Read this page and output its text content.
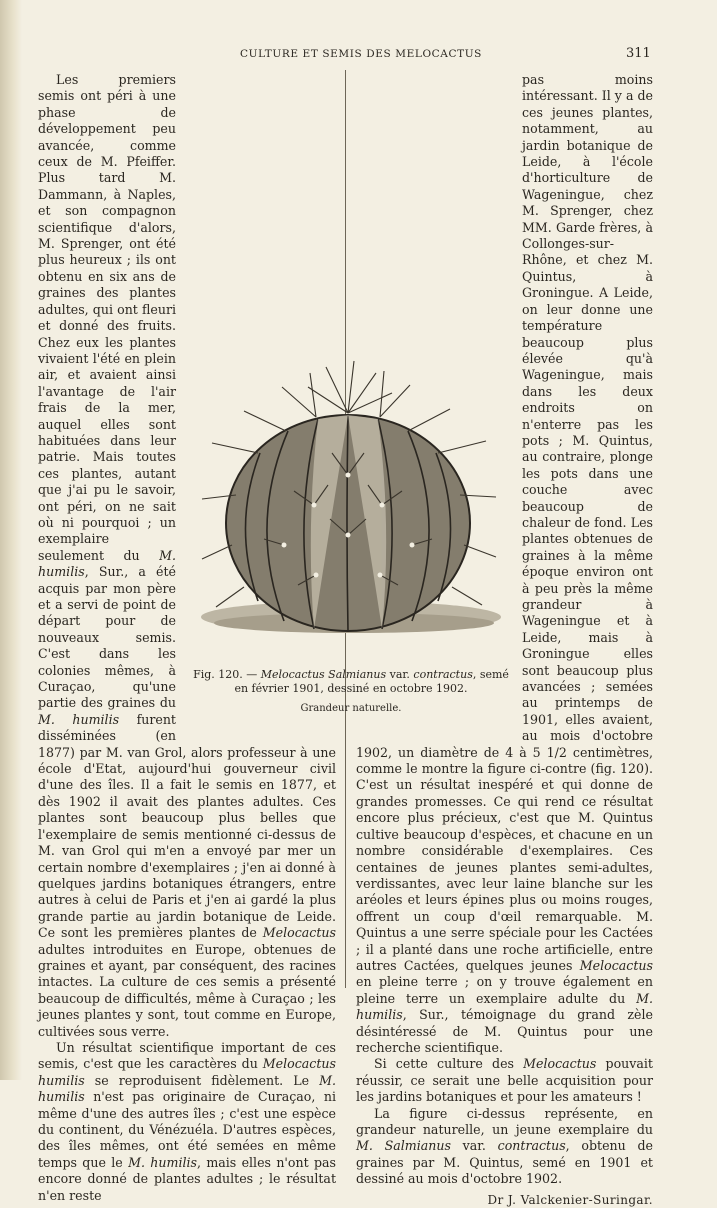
CULTURE ET SEMIS DES MELOCACTUS	311

Les premiers semis ont péri à une phase de développement peu avancée, comme ceux de M. Pfeiffer. Plus tard M. Dammann, à Naples, et son compagnon scientifique d'alors, M. Sprenger, ont été plus heureux ; ils ont obtenu en six ans de graines des plantes adultes, qui ont fleuri et donné des fruits. Chez eux les plantes vivaient l'été en plein air, et avaient ainsi l'avantage de l'air frais de la mer, auquel elles sont habituées dans leur patrie. Mais toutes ces plantes, autant que j'ai pu le savoir, ont péri, on ne sait où ni pourquoi ; un exemplaire seulement du M. humilis, Sur., a été acquis par mon père et a servi de point de départ pour de nouveaux semis. C'est dans les colonies mêmes, à Curaçao, qu'une partie des graines du M. humilis furent disséminées (en 1877) par M. van Grol, alors professeur à une école d'Etat, aujourd'hui gouverneur civil d'une des îles. Il a fait le semis en 1877, et dès 1902 il avait des plantes adultes. Ces plantes sont beaucoup plus belles que l'exemplaire de semis mentionné ci-dessus de M. van Grol qui m'en a envoyé par mer un certain nombre d'exemplaires ; j'en ai donné à quelques jardins botaniques étrangers, entre autres à celui de Paris et j'en ai gardé la plus grande partie au jardin botanique de Leide. Ce sont les premières plantes de Melocactus adultes introduites en Europe, obtenues de graines et ayant, par conséquent, des racines intactes. La culture de ces semis a présenté beaucoup de difficultés, même à Curaçao ; les jeunes plantes y sont, tout comme en Europe, cultivées sous verre.

Un résultat scientifique important de ces semis, c'est que les caractères du Melocactus humilis se reproduisent fidèlement. Le M. humilis n'est pas originaire de Curaçao, ni même d'une des autres îles ; c'est une espèce du continent, du Vénézuéla. D'autres espèces, des îles mêmes, ont été semées en même temps que le M. humilis, mais elles n'ont pas encore donné de plantes adultes ; le résultat n'en reste

pas moins intéressant. Il y a de ces jeunes plantes, notamment, au jardin botanique de Leide, à l'école d'horticulture de Wageningue, chez M. Sprenger, chez MM. Garde frères, à Collonges-sur-Rhône, et chez M. Quintus, à Groningue. A Leide, on leur donne une température beaucoup plus élevée qu'à Wageningue, mais dans les deux endroits on n'enterre pas les pots ; M. Quintus, au contraire, plonge les pots dans une couche avec beaucoup de chaleur de fond. Les plantes obtenues de graines à la même époque environ ont à peu près la même grandeur à Wageningue et à Leide, mais à Groningue elles sont beaucoup plus avancées ; semées au printemps de 1901, elles avaient, au mois d'octobre 1902, un diamètre de 4 à 5 1/2 centimètres, comme le montre la figure ci-contre (fig. 120). C'est un résultat inespéré et qui donne de grandes promesses. Ce qui rend ce résultat encore plus précieux, c'est que M. Quintus cultive beaucoup d'espèces, et chacune en un nombre considérable d'exemplaires. Ces centaines de jeunes plantes semi-adultes, verdissantes, avec leur laine blanche sur les aréoles et leurs épines plus ou moins rouges, offrent un coup d'œil remarquable. M. Quintus a une serre spéciale pour les Cactées ; il a planté dans une roche artificielle, entre autres Cactées, quelques jeunes Melocactus en pleine terre ; on y trouve également en pleine terre un exemplaire adulte du M. humilis, Sur., témoignage du grand zèle désintéressé de M. Quintus pour une recherche scientifique.

Si cette culture des Melocactus pouvait réussir, ce serait une belle acquisition pour les jardins botaniques et pour les amateurs !

La figure ci-dessus représente, en grandeur naturelle, un jeune exemplaire du M. Salmianus var. contractus, obtenu de graines par M. Quintus, semé en 1901 et dessiné au mois d'octobre 1902.

Dr J. Valckenier-Suringar.

Fig. 120. — Melocactus Salmianus var. contractus, semé en février 1901, dessiné en octobre 1902.
Grandeur naturelle.
